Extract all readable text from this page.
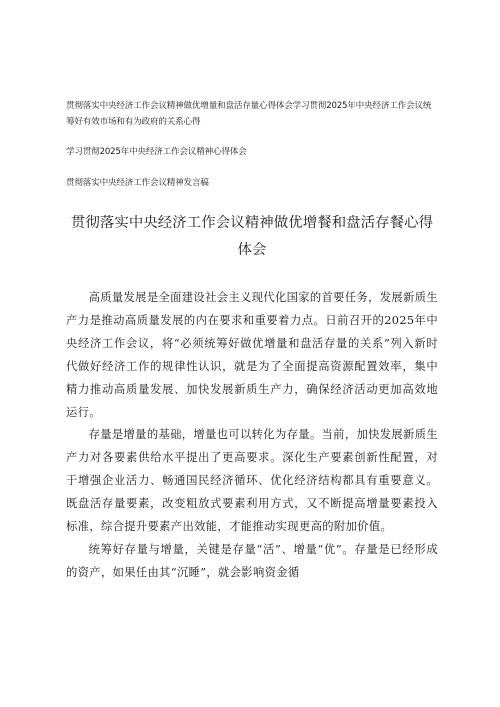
贯彻落实中央经济工作会议精神做优增量和盘活存量心得体会学习贯彻2025年中央经济工作会议统筹好有效市场和有为政府的关系心得

学习贯彻2025年中央经济工作会议精神心得体会

贯彻落实中央经济工作会议精神发言稿

贯彻落实中央经济工作会议精神做优增餐和盘活存餐心得体会

高质量发展是全面建设社会主义现代化国家的首要任务，发展新质生产力是推动高质量发展的内在要求和重要着力点。日前召开的2025年中央经济工作会议，将“必须统筹好做优增量和盘活存量的关系”列入新时代做好经济工作的规律性认识，就是为了全面提高资源配置效率，集中精力推动高质量发展、加快发展新质生产力，确保经济活动更加高效地运行。

存量是增量的基础，增量也可以转化为存量。当前，加快发展新质生产力对各要素供给水平提出了更高要求。深化生产要素创新性配置，对于增强企业活力、畅通国民经济循环、优化经济结构都具有重要意义。既盘活存量要素，改变粗放式要素利用方式，又不断提高增量要素投入标准，综合提升要素产出效能，才能推动实现更高的附加价值。

统筹好存量与增量，关键是存量“活”、增量“优”。存量是已经形成的资产，如果任由其“沉睡”，就会影响资金循
